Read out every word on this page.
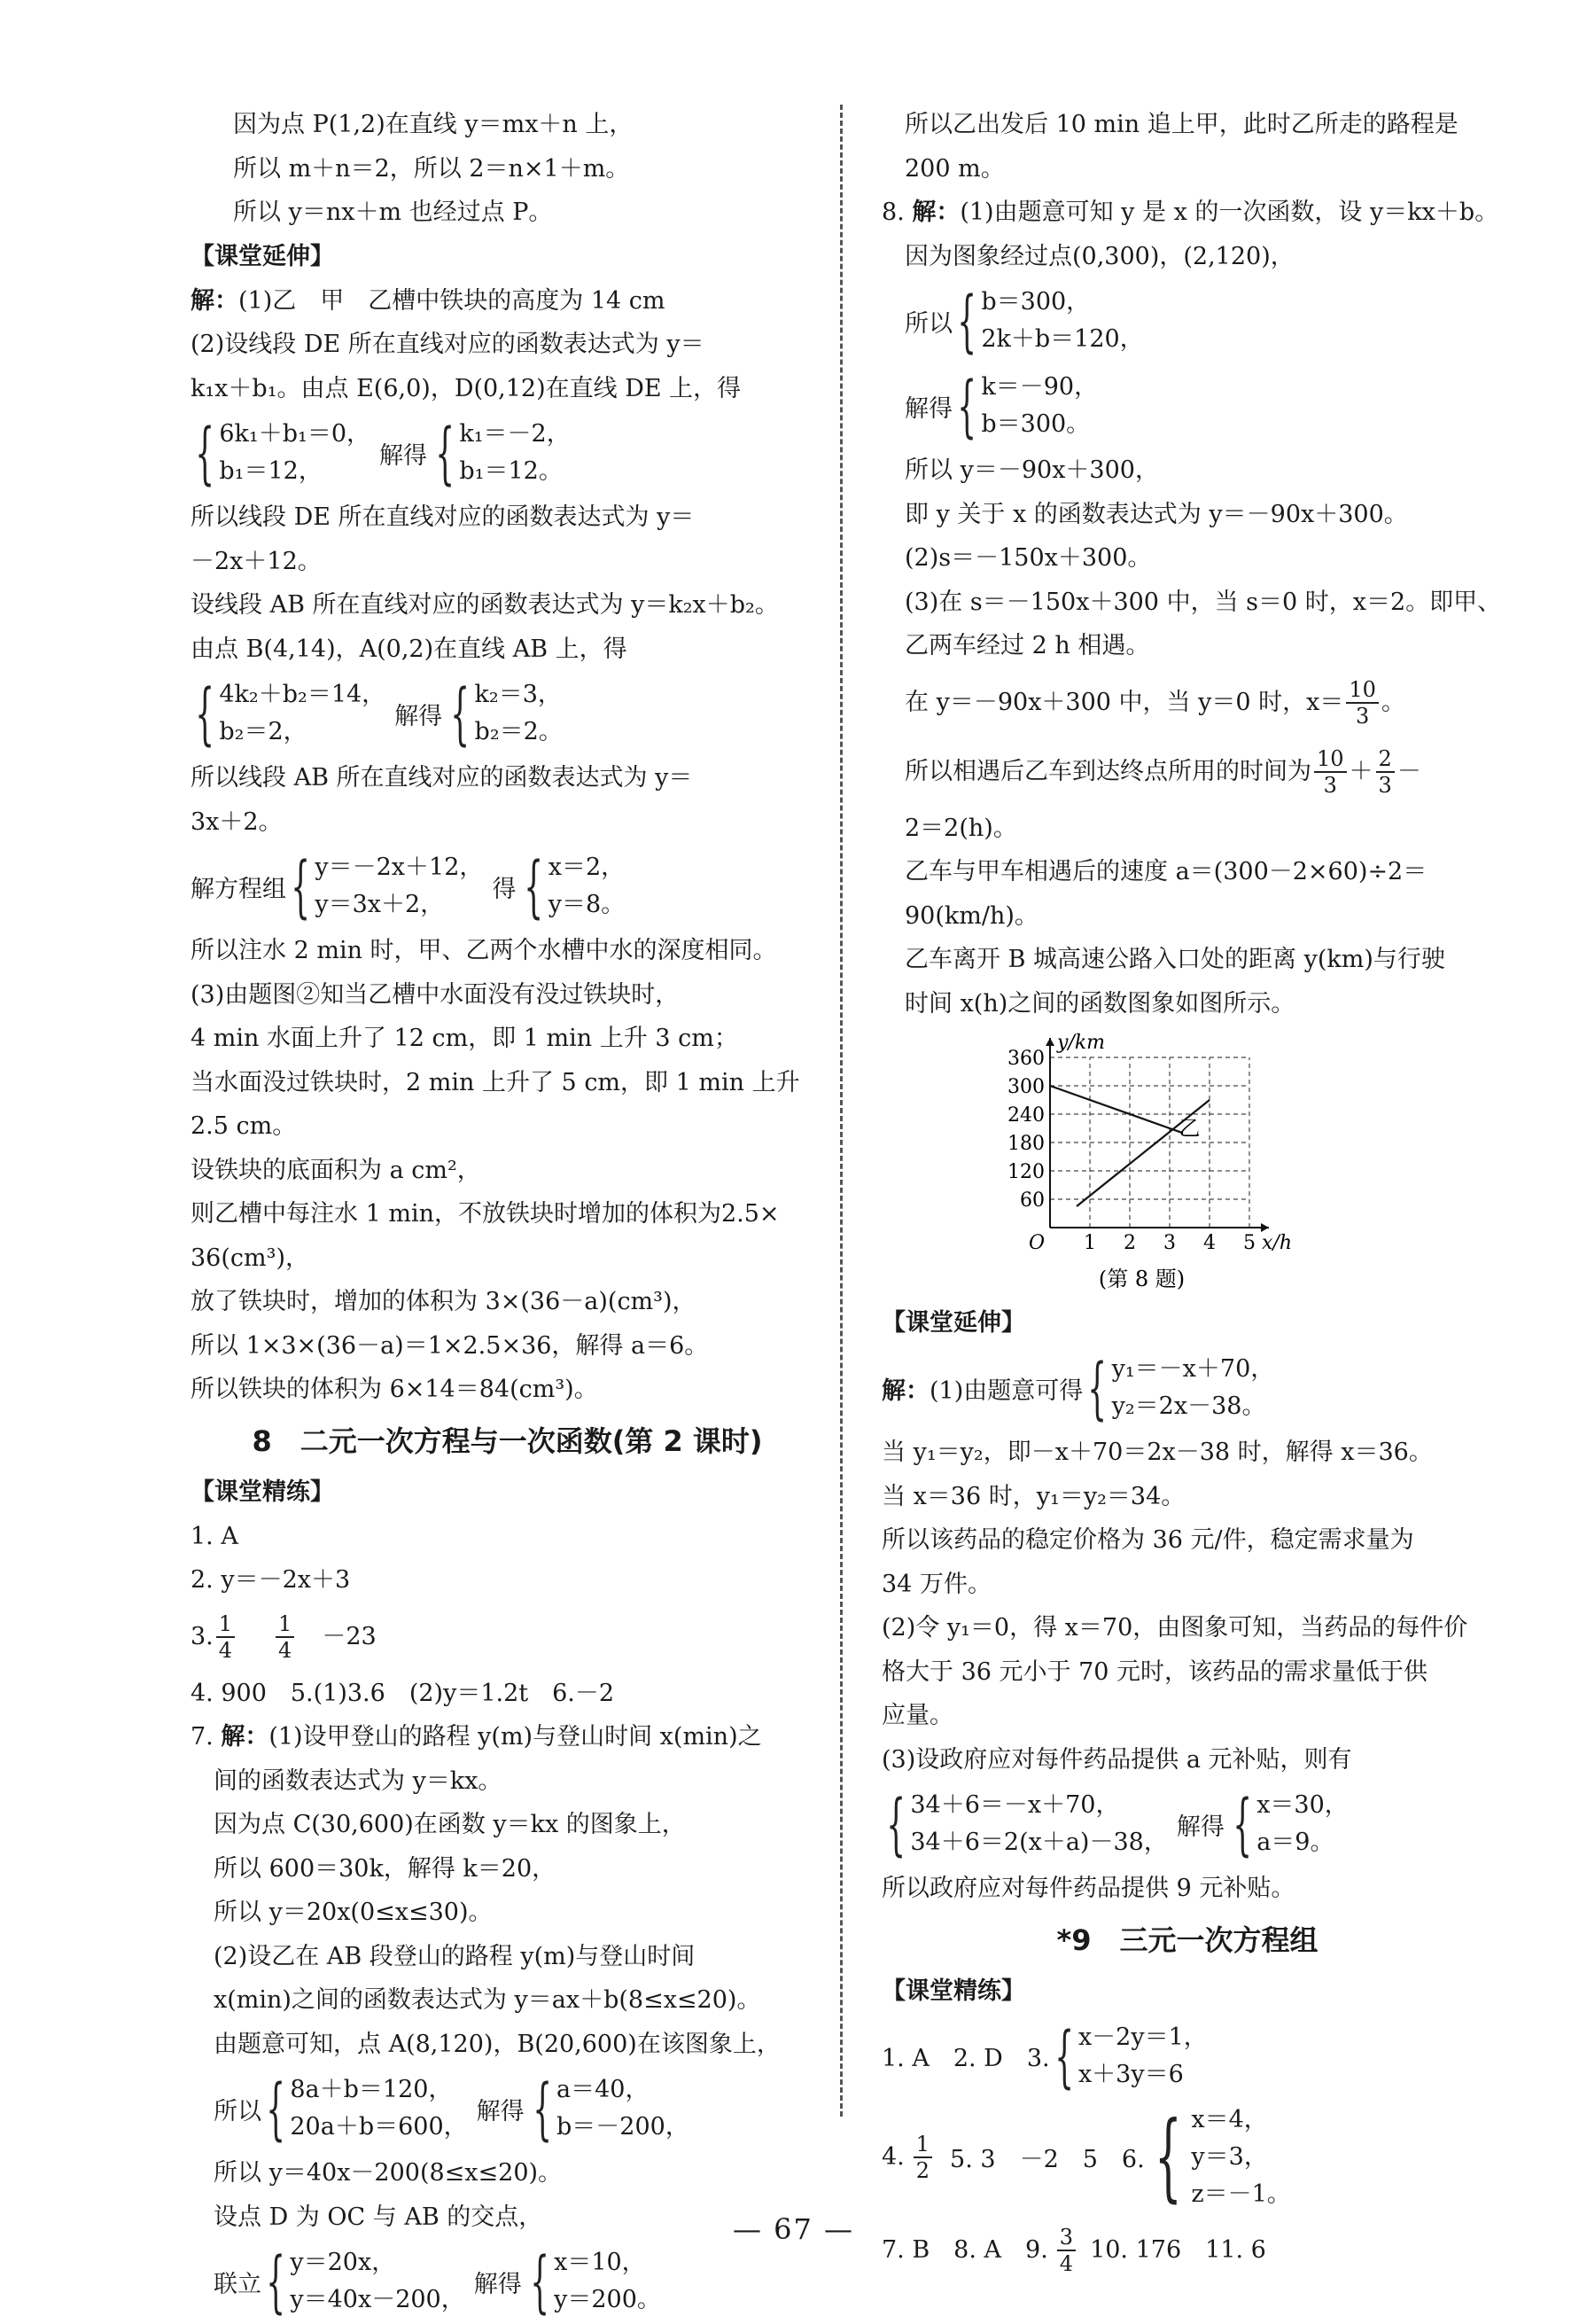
因为点 P(1,2)在直线 y＝mx＋n 上，
所以 m＋n＝2，所以 2＝n×1＋m。
所以 y＝nx＋m 也经过点 P。
【课堂延伸】
解：(1)乙　甲　乙槽中铁块的高度为 14 cm
(2)设线段 DE 所在直线对应的函数表达式为 y＝
k₁x＋b₁。由点 E(6,0)，D(0,12)在直线 DE 上，得
{ 6k₁＋b₁＝0，
b₁＝12，
解得 { k₁＝－2，
b₁＝12。
所以线段 DE 所在直线对应的函数表达式为 y＝
－2x＋12。
设线段 AB 所在直线对应的函数表达式为 y＝k₂x＋b₂。
由点 B(4,14)，A(0,2)在直线 AB 上，得
{ 4k₂＋b₂＝14，
b₂＝2，
解得 { k₂＝3，
b₂＝2。
所以线段 AB 所在直线对应的函数表达式为 y＝
3x＋2。
解方程组 { y＝－2x＋12，
y＝3x＋2，
得 { x＝2，
y＝8。
所以注水 2 min 时，甲、乙两个水槽中水的深度相同。
(3)由题图②知当乙槽中水面没有没过铁块时，
4 min 水面上升了 12 cm，即 1 min 上升 3 cm；
当水面没过铁块时，2 min 上升了 5 cm，即 1 min 上升
2.5 cm。
设铁块的底面积为 a cm²，
则乙槽中每注水 1 min，不放铁块时增加的体积为2.5×
36(cm³)，
放了铁块时，增加的体积为 3×(36－a)(cm³)，
所以 1×3×(36－a)＝1×2.5×36，解得 a＝6。
所以铁块的体积为 6×14＝84(cm³)。
8　二元一次方程与一次函数(第 2 课时)
【课堂精练】
1. A
2. y＝－2x＋3
3. $\frac{1}{4} \frac{1}{4} -23$
4. 900　5.(1)3.6　(2)y＝1.2t　6.－2
7. 解：(1)设甲登山的路程 y(m)与登山时间 x(min)之
间的函数表达式为 y＝kx。
因为点 C(30,600)在函数 y＝kx 的图象上，
所以 600＝30k，解得 k＝20，
所以 y＝20x(0≤x≤30)。
(2)设乙在 AB 段登山的路程 y(m)与登山时间
x(min)之间的函数表达式为 y＝ax＋b(8≤x≤20)。
由题意可知，点 A(8,120)，B(20,600)在该图象上，
所以 { 8a＋b＝120，
20a＋b＝600，
解得 { a＝40，
b＝－200，
所以 y＝40x－200(8≤x≤20)。
设点 D 为 OC 与 AB 的交点，
联立 { y＝20x，
y＝40x－200，
解得 { x＝10，
y＝200。
所以乙出发后 10 min 追上甲，此时乙所走的路程是
200 m。
8. 解：(1)由题意可知 y 是 x 的一次函数，设 y＝kx＋b。
因为图象经过点(0,300)，(2,120)，
所以 { b＝300，
2k＋b＝120，
解得 { k＝－90，
b＝300。
所以 y＝－90x＋300，
即 y 关于 x 的函数表达式为 y＝－90x＋300。
(2)s＝－150x＋300。
(3)在 s＝－150x＋300 中，当 s＝0 时，x＝2。即甲、
乙两车经过 2 h 相遇。
在 y＝－90x＋300 中，当 y＝0 时，$x= \frac{10}{3}$ 。
所以相遇后乙车到达终点所用的时间为 $\frac{10}{3} + \frac{2}{3}$ －
2＝2(h)。
乙车与甲车相遇后的速度 a＝(300－2×60)÷2＝
90(km/h)。
乙车离开 B 城高速公路入口处的距离 y(km)与行驶
时间 x(h)之间的函数图象如图所示。
60
120
180
240
300
360
1 2 3 4 5
O	x/h
y/km
乙
(第 8 题)
【课堂延伸】
解： (1)由题意可得 { y₁＝－x＋70，
y₂＝2x－38。
当 y₁＝y₂，即－x＋70＝2x－38 时，解得 x＝36。
当 x＝36 时，y₁＝y₂＝34。
所以该药品的稳定价格为 36 元/件，稳定需求量为
34 万件。
(2)令 y₁＝0，得 x＝70，由图象可知，当药品的每件价
格大于 36 元小于 70 元时，该药品的需求量低于供
应量。
(3)设政府应对每件药品提供 a 元补贴，则有
{ 34＋6＝－x＋70，
34＋6＝2(x＋a)－38，
解得 { x＝30，
a＝9。
所以政府应对每件药品提供 9 元补贴。
*9　三元一次方程组
【课堂精练】
1. A　2. D　3. { x－2y＝1，
x＋3y＝6
4. $\frac{1}{2} 5$. 3　－2　5　6. { x＝4，
y＝3，
z＝－1。
7. B　8. A　9. $\frac{3}{4} 10$. 176　11. 6
— 67 —
